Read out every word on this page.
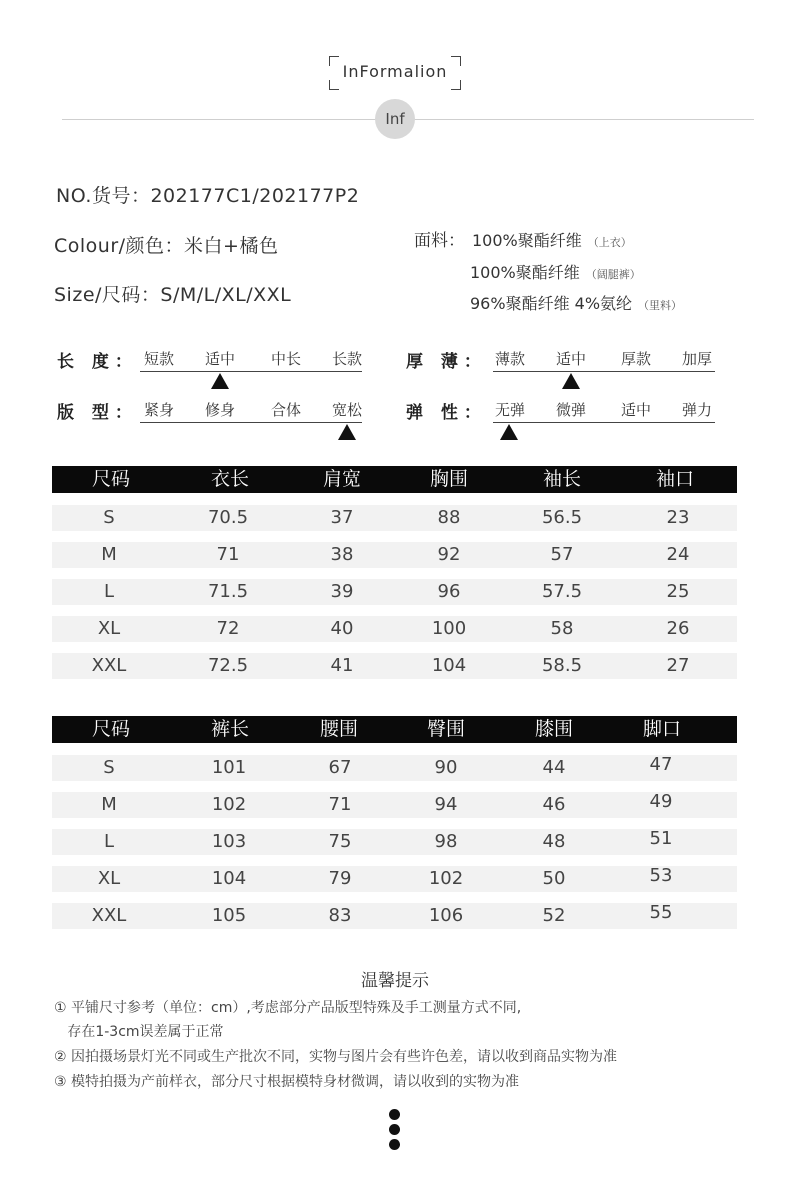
InFormalion
Inf
NO.货号：202177C1/202177P2
Colour/颜色：米白+橘色
Size/尺码：S/M/L/XL/XXL
面料： 100%聚酯纤维 （上衣）
100%聚酯纤维 （阔腿裤）
96%聚酯纤维 4%氨纶 （里料）
长 度： 短款 适中 中长 长款
版 型： 紧身 修身 合体 宽松
厚 薄： 薄款 适中 厚款 加厚
弹 性： 无弹 微弹 适中 弹力
尺码	衣长	肩宽	胸围	袖长	袖口
S	70.5	37	88	56.5	23
M	71	38	92	57	24
L	71.5	39	96	57.5	25
XL	72	40	100	58	26
XXL	72.5	41	104	58.5	27
尺码	裤长	腰围	臀围	膝围	脚口
S	101	67	90	44	47
M	102	71	94	46	49
L	103	75	98	48	51
XL	104	79	102	50	53
XXL	105	83	106	52	55
温馨提示
① 平铺尺寸参考（单位：cm）,考虑部分产品版型特殊及手工测量方式不同,
存在1-3cm误差属于正常
② 因拍摄场景灯光不同或生产批次不同，实物与图片会有些许色差，请以收到商品实物为准
③ 模特拍摄为产前样衣，部分尺寸根据模特身材微调，请以收到的实物为准
